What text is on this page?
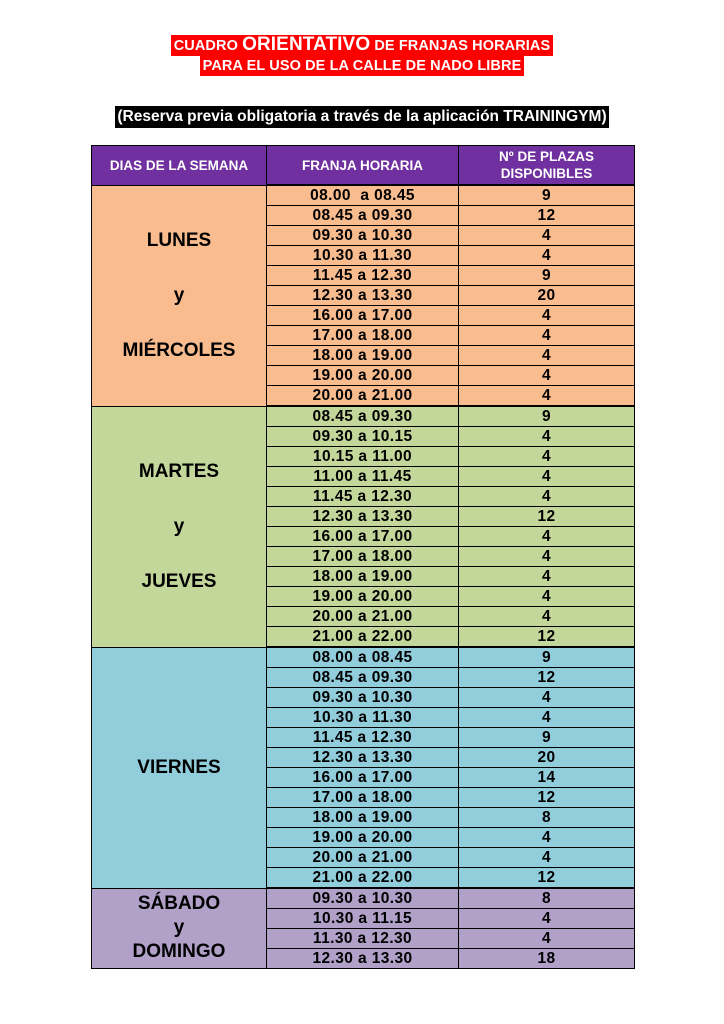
CUADRO ORIENTATIVO DE FRANJAS HORARIAS
PARA EL USO DE LA CALLE DE NADO LIBRE
(Reserva previa obligatoria a través de la aplicación TRAININGYM)
DIAS DE LA SEMANA	FRANJA HORARIA	Nº DE PLAZAS DISPONIBLES

LUNES
y
MIÉRCOLES	08.00  a 08.45	9
	08.45 a 09.30	12
	09.30 a 10.30	4
	10.30 a 11.30	4
	11.45 a 12.30	9
	12.30 a 13.30	20
	16.00 a 17.00	4
	17.00 a 18.00	4
	18.00 a 19.00	4
	19.00 a 20.00	4
	20.00 a 21.00	4

MARTES
y
JUEVES	08.45 a 09.30	9
	09.30 a 10.15	4
	10.15 a 11.00	4
	11.00 a 11.45	4
	11.45 a 12.30	4
	12.30 a 13.30	12
	16.00 a 17.00	4
	17.00 a 18.00	4
	18.00 a 19.00	4
	19.00 a 20.00	4
	20.00 a 21.00	4
	21.00 a 22.00	12

VIERNES	08.00 a 08.45	9
	08.45 a 09.30	12
	09.30 a 10.30	4
	10.30 a 11.30	4
	11.45 a 12.30	9
	12.30 a 13.30	20
	16.00 a 17.00	14
	17.00 a 18.00	12
	18.00 a 19.00	8
	19.00 a 20.00	4
	20.00 a 21.00	4
	21.00 a 22.00	12

SÁBADO
y
DOMINGO	09.30 a 10.30	8
	10.30 a 11.15	4
	11.30 a 12.30	4
	12.30 a 13.30	18
